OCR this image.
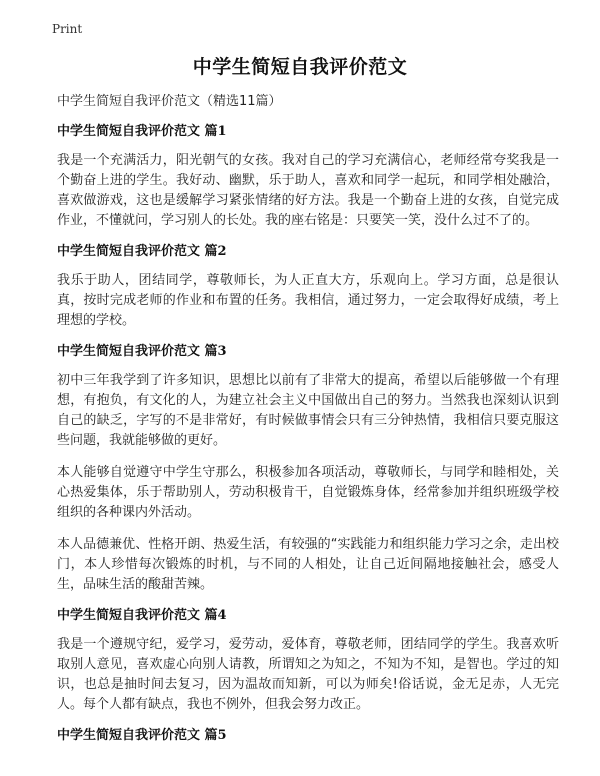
Print
中学生简短自我评价范文

中学生简短自我评价范文（精选11篇）

中学生简短自我评价范文 篇1

我是一个充满活力，阳光朝气的女孩。我对自己的学习充满信心，老师经常夸奖我是一个勤奋上进的学生。我好动、幽默，乐于助人，喜欢和同学一起玩，和同学相处融洽，喜欢做游戏，这也是缓解学习紧张情绪的好方法。我是一个勤奋上进的女孩，自觉完成作业，不懂就问，学习别人的长处。我的座右铭是：只要笑一笑，没什么过不了的。

中学生简短自我评价范文 篇2

我乐于助人，团结同学，尊敬师长，为人正直大方，乐观向上。学习方面，总是很认真，按时完成老师的作业和布置的任务。我相信，通过努力，一定会取得好成绩，考上理想的学校。

中学生简短自我评价范文 篇3

初中三年我学到了许多知识，思想比以前有了非常大的提高，希望以后能够做一个有理想，有抱负，有文化的人，为建立社会主义中国做出自己的努力。当然我也深刻认识到自己的缺乏，字写的不是非常好，有时候做事情会只有三分钟热情，我相信只要克服这些问题，我就能够做的更好。

本人能够自觉遵守中学生守那么，积极参加各项活动，尊敬师长，与同学和睦相处，关心热爱集体，乐于帮助别人，劳动积极肯干，自觉锻炼身体，经常参加并组织班级学校组织的各种课内外活动。

本人品德兼优、性格开朗、热爱生活，有较强的“实践能力和组织能力学习之余，走出校门，本人珍惜每次锻炼的时机，与不同的人相处，让自己近间隔地接触社会，感受人生，品味生活的酸甜苦辣。

中学生简短自我评价范文 篇4

我是一个遵规守纪，爱学习，爱劳动，爱体育，尊敬老师，团结同学的学生。我喜欢听取别人意见，喜欢虚心向别人请教，所谓知之为知之，不知为不知，是智也。学过的知识，也总是抽时间去复习，因为温故而知新，可以为师矣!俗话说，金无足赤，人无完人。每个人都有缺点，我也不例外，但我会努力改正。

中学生简短自我评价范文 篇5
